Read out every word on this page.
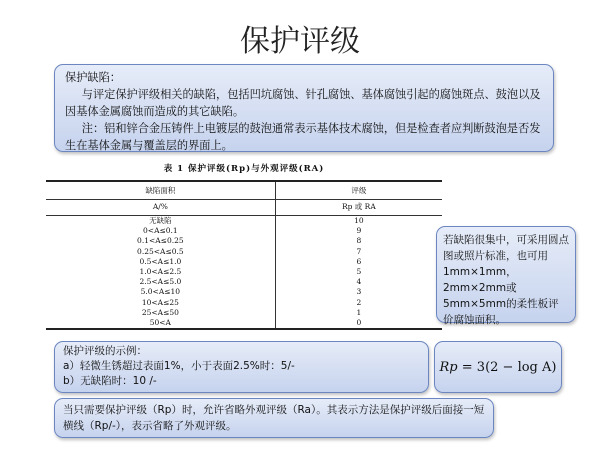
保护评级

保护缺陷：

与评定保护评级相关的缺陷，包括凹坑腐蚀、针孔腐蚀、基体腐蚀引起的腐蚀斑点、鼓泡以及因基体金属腐蚀而造成的其它缺陷。

注：铝和锌合金压铸件上电镀层的鼓泡通常表示基体技术腐蚀，但是检查者应判断鼓泡是否发生在基体金属与覆盖层的界面上。

表 1 保护评级(Rp)与外观评级(RA)
缺陷面积	评级
A/%	Rp 或 RA
无缺陷	10
0<A≤0.1	9
0.1<A≤0.25	8
0.25<A≤0.5	7
0.5<A≤1.0	6
1.0<A≤2.5	5
2.5<A≤5.0	4
5.0<A≤10	3
10<A≤25	2
25<A≤50	1
50<A	0
若缺陷很集中，可采用圆点图或照片标准，也可用1mm×1mm，2mm×2mm或5mm×5mm的柔性板评价腐蚀面积。
保护评级的示例：
a）轻微生锈超过表面1%，小于表面2.5%时：5/-
b）无缺陷时：10 /-
Rp
= 3(2 − log A)
当只需要保护评级（Rp）时，允许省略外观评级（Ra）。其表示方法是保护评级后面接一短横线（Rp/-），表示省略了外观评级。
